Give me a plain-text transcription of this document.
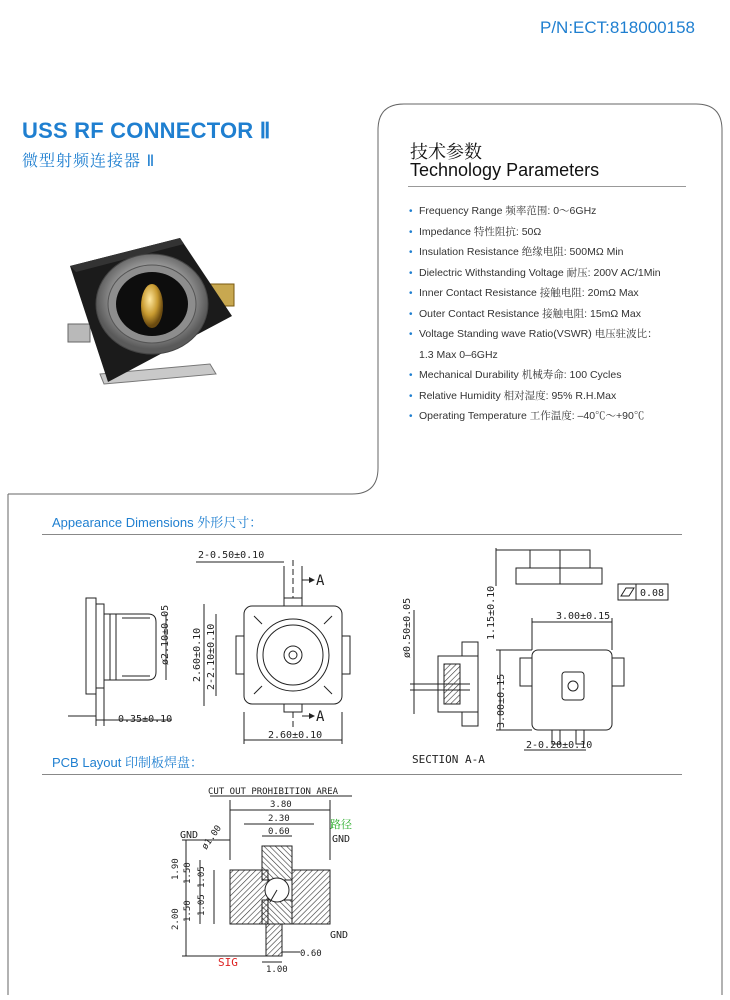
P/N:ECT:818000158
USS RF CONNECTOR Ⅱ
微型射频连接器 Ⅱ	技术参数
Technology Parameters
• Frequency Range 频率范围: 0～6GHz
• Impedance 特性阻抗: 50Ω
• Insulation Resistance 绝缘电阻: 500MΩ Min
• Dielectric Withstanding Voltage 耐压: 200V AC/1Min
• Inner Contact Resistance 接触电阻: 20mΩ Max
• Outer Contact Resistance 接触电阻: 15mΩ Max
• Voltage Standing wave Ratio(VSWR) 电压驻波比：
1.3 Max 0–6GHz
• Mechanical Durability 机械寿命: 100 Cycles
• Relative Humidity 相对湿度: 95% R.H.Max
• Operating Temperature 工作温度: –40℃～+90℃
Appearance Dimensions 外形尺寸：
PCB Layout 印制板焊盘：
ø2.10±0.05
0.35±0.10
2-0.50±0.10
A
A
2.60±0.10 2-2.10±0.10
2.60±0.10
ø0.50±0.05
SECTION A-A
1.15±0.10	0.08
3.00±0.15
3.00±0.15
2-0.20±0.10
CUT OUT PROHIBITION AREA
3.80
2.30
0.60
ø1.00
GND	GND
GND
路径
SIG
1.90 1.50 1.05
2.00 1.50 1.05
1.00
0.60
